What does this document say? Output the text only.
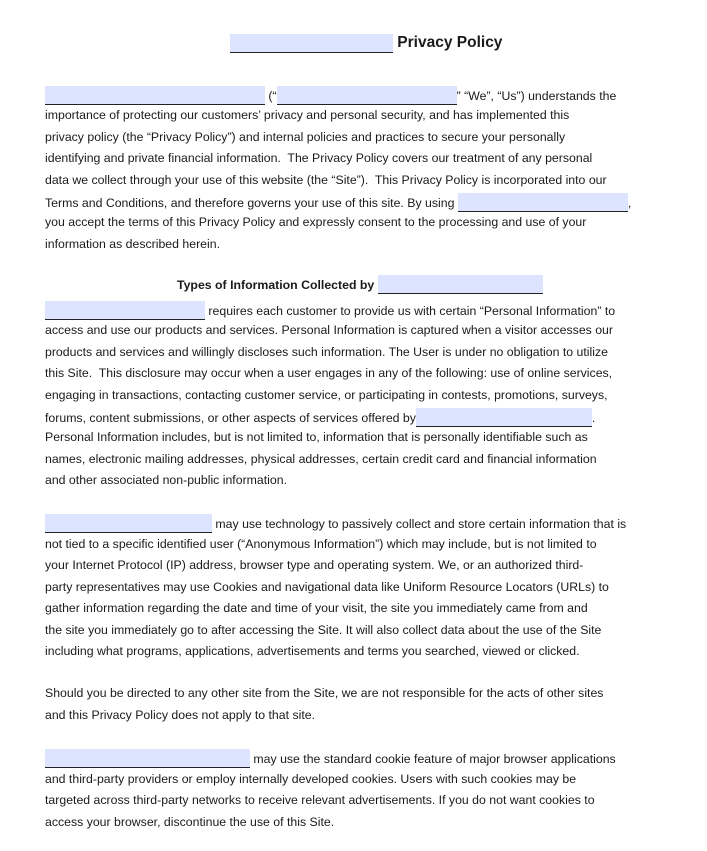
Privacy Policy
(“	” “We”, “Us”) understands the
importance of protecting our customers’ privacy and personal security, and has implemented this
privacy policy (the “Privacy Policy”) and internal policies and practices to secure your personally
identifying and private financial information.  The Privacy Policy covers our treatment of any personal
data we collect through your use of this website (the “Site”).  This Privacy Policy is incorporated into our
Terms and Conditions, and therefore governs your use of this site. By using	,
you accept the terms of this Privacy Policy and expressly consent to the processing and use of your
information as described herein.
Types of Information Collected by
requires each customer to provide us with certain “Personal Information” to
access and use our products and services. Personal Information is captured when a visitor accesses our
products and services and willingly discloses such information. The User is under no obligation to utilize
this Site.  This disclosure may occur when a user engages in any of the following: use of online services,
engaging in transactions, contacting customer service, or participating in contests, promotions, surveys,
forums, content submissions, or other aspects of services offered by	.
Personal Information includes, but is not limited to, information that is personally identifiable such as
names, electronic mailing addresses, physical addresses, certain credit card and financial information
and other associated non-public information.
may use technology to passively collect and store certain information that is
not tied to a specific identified user (“Anonymous Information”) which may include, but is not limited to
your Internet Protocol (IP) address, browser type and operating system. We, or an authorized third-
party representatives may use Cookies and navigational data like Uniform Resource Locators (URLs) to
gather information regarding the date and time of your visit, the site you immediately came from and
the site you immediately go to after accessing the Site. It will also collect data about the use of the Site
including what programs, applications, advertisements and terms you searched, viewed or clicked.
Should you be directed to any other site from the Site, we are not responsible for the acts of other sites
and this Privacy Policy does not apply to that site.
may use the standard cookie feature of major browser applications
and third-party providers or employ internally developed cookies. Users with such cookies may be
targeted across third-party networks to receive relevant advertisements. If you do not want cookies to
access your browser, discontinue the use of this Site.
